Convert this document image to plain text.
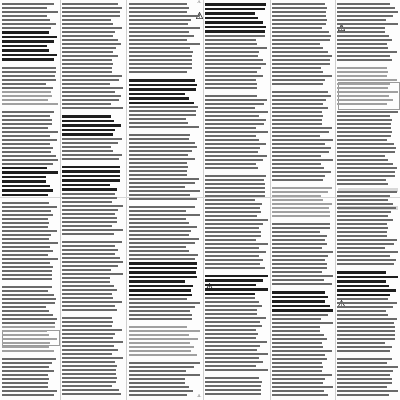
-9-
-8-
